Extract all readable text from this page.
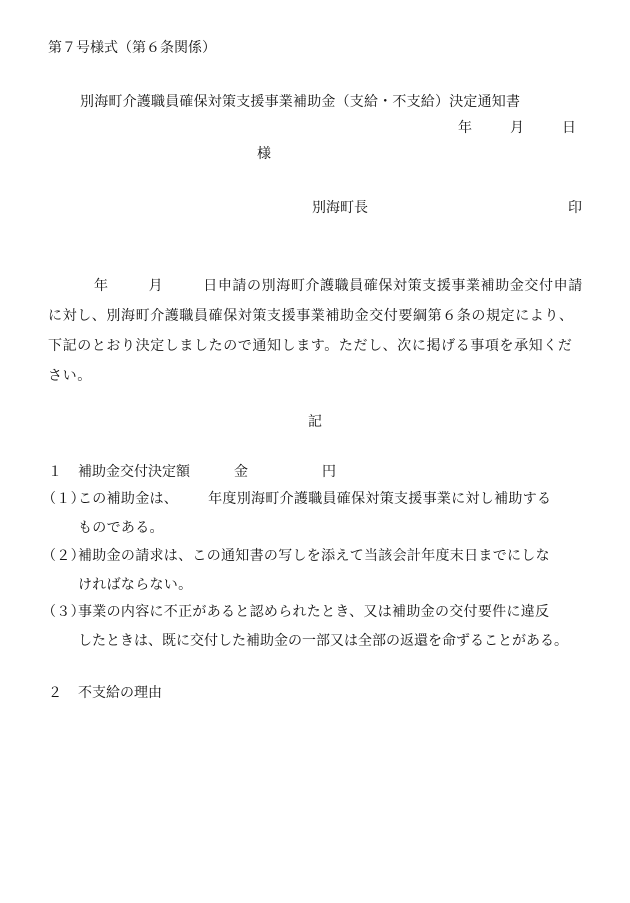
第７号様式（第６条関係）
別海町介護職員確保対策支援事業補助金（支給・不支給）決定通知書
年	月	日
様
別海町長	印
年	月	日申請の別海町介護職員確保対策支援事業補助金交付申請
に対し、別海町介護職員確保対策支援事業補助金交付要綱第６条の規定により、
下記のとおり決定しましたので通知します。ただし、次に掲げる事項を承知くだ
さい。
記
１ 補助金交付決定額	金	円
（１）
この補助金は、 年度別海町介護職員確保対策支援事業に対し補助する
ものである。
（２）
補助金の請求は、この通知書の写しを添えて当該会計年度末日までにしな
ければならない。
（３）
事業の内容に不正があると認められたとき、又は補助金の交付要件に違反
したときは、既に交付した補助金の一部又は全部の返還を命ずることがある。
２ 不支給の理由
